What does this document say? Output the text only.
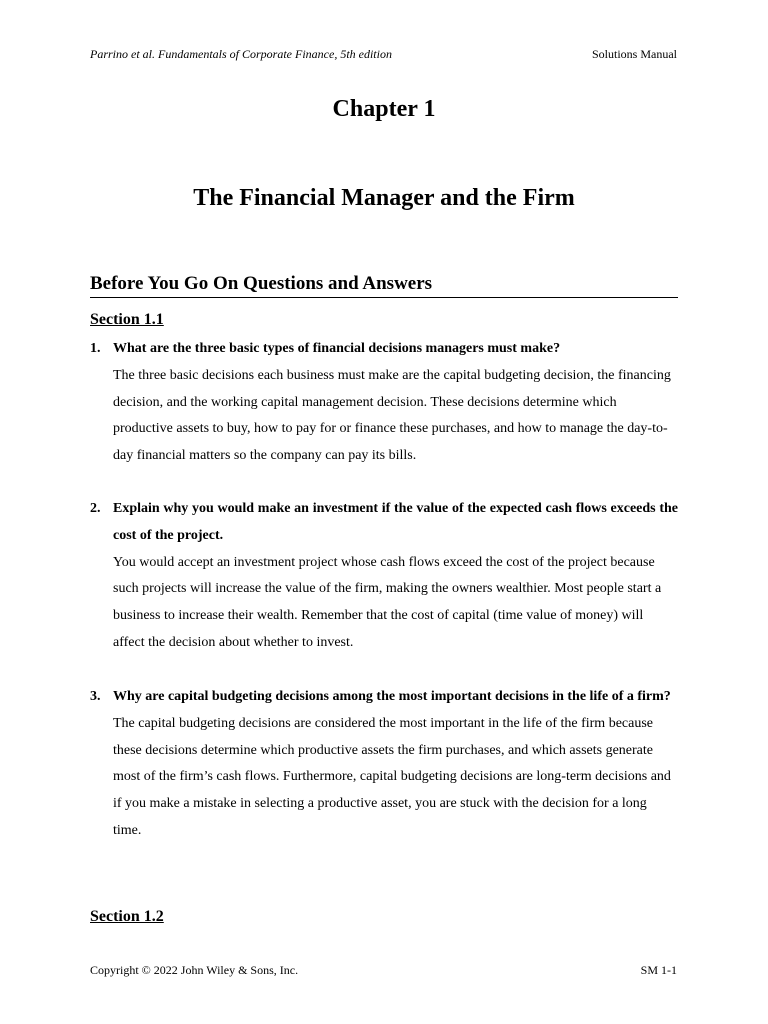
Parrino et al. Fundamentals of Corporate Finance, 5th edition	Solutions Manual
Chapter 1
The Financial Manager and the Firm
Before You Go On Questions and Answers
Section 1.1
1. What are the three basic types of financial decisions managers must make?
The three basic decisions each business must make are the capital budgeting decision, the financing decision, and the working capital management decision. These decisions determine which productive assets to buy, how to pay for or finance these purchases, and how to manage the day-to-day financial matters so the company can pay its bills.
2. Explain why you would make an investment if the value of the expected cash flows exceeds the cost of the project.
You would accept an investment project whose cash flows exceed the cost of the project because such projects will increase the value of the firm, making the owners wealthier. Most people start a business to increase their wealth. Remember that the cost of capital (time value of money) will affect the decision about whether to invest.
3. Why are capital budgeting decisions among the most important decisions in the life of a firm?
The capital budgeting decisions are considered the most important in the life of the firm because these decisions determine which productive assets the firm purchases, and which assets generate most of the firm’s cash flows. Furthermore, capital budgeting decisions are long-term decisions and if you make a mistake in selecting a productive asset, you are stuck with the decision for a long time.
Section 1.2
Copyright © 2022 John Wiley & Sons, Inc.	SM 1-1
